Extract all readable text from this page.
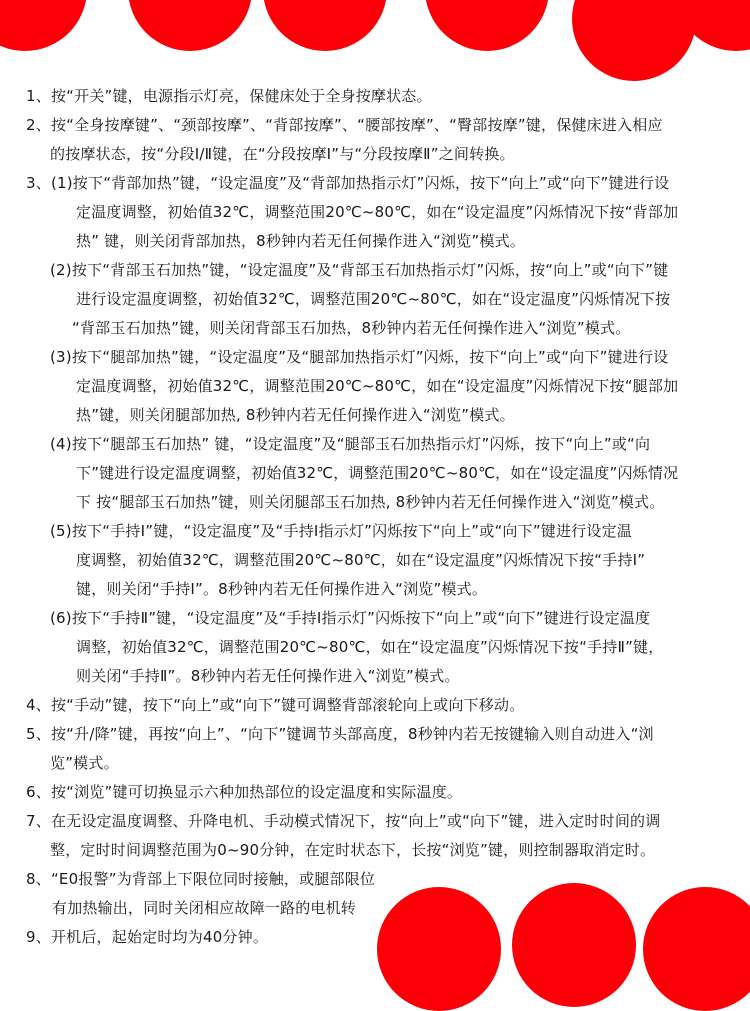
1、按“开关”键，电源指示灯亮，保健床处于全身按摩状态。
2、按“全身按摩键”、“颈部按摩”、“背部按摩”、“腰部按摩”、“臀部按摩”键，保健床进入相应
的按摩状态，按“分段Ⅰ/Ⅱ键，在“分段按摩Ⅰ”与“分段按摩Ⅱ”之间转换。
3、(1)按下“背部加热”键，“设定温度”及“背部加热指示灯”闪烁，按下“向上”或“向下”键进行设
定温度调整，初始值32℃，调整范围20℃~80℃，如在“设定温度”闪烁情况下按“背部加
热” 键，则关闭背部加热，8秒钟内若无任何操作进入“浏览”模式。
(2)按下“背部玉石加热”键，“设定温度”及“背部玉石加热指示灯”闪烁，按“向上”或“向下”键
进行设定温度调整，初始值32℃，调整范围20℃~80℃，如在“设定温度”闪烁情况下按
“背部玉石加热”键，则关闭背部玉石加热，8秒钟内若无任何操作进入“浏览”模式。
(3)按下“腿部加热”键，“设定温度”及“腿部加热指示灯”闪烁，按下“向上”或“向下”键进行设
定温度调整，初始值32℃，调整范围20℃~80℃，如在“设定温度”闪烁情况下按“腿部加
热”键，则关闭腿部加热, 8秒钟内若无任何操作进入“浏览”模式。
(4)按下“腿部玉石加热” 键，“设定温度”及“腿部玉石加热指示灯”闪烁，按下“向上”或“向
下”键进行设定温度调整，初始值32℃，调整范围20℃~80℃，如在“设定温度”闪烁情况
下 按“腿部玉石加热”键，则关闭腿部玉石加热, 8秒钟内若无任何操作进入“浏览”模式。
(5)按下“手持Ⅰ”键，“设定温度”及“手持Ⅰ指示灯”闪烁按下“向上”或“向下”键进行设定温
度调整，初始值32℃，调整范围20℃~80℃，如在“设定温度”闪烁情况下按“手持Ⅰ”
键，则关闭“手持Ⅰ”。8秒钟内若无任何操作进入“浏览”模式。
(6)按下“手持Ⅱ”键，“设定温度”及“手持Ⅰ指示灯”闪烁按下“向上”或“向下”键进行设定温度
调整，初始值32℃，调整范围20℃~80℃，如在“设定温度”闪烁情况下按“手持Ⅱ”键，
则关闭“手持Ⅱ”。8秒钟内若无任何操作进入“浏览”模式。
4、按“手动”键，按下“向上”或“向下”键可调整背部滚轮向上或向下移动。
5、按“升/降”键，再按“向上”、“向下”键调节头部高度，8秒钟内若无按键输入则自动进入“浏
览”模式。
6、按“浏览”键可切换显示六种加热部位的设定温度和实际温度。
7、在无设定温度调整、升降电机、手动模式情况下，按“向上”或“向下”键，进入定时时间的调
整，定时时间调整范围为0~90分钟，在定时状态下，长按“浏览”键，则控制器取消定时。
8、“E0报警”为背部上下限位同时接触，或腿部限位
有加热输出，同时关闭相应故障一路的电机转
9、开机后，起始定时均为40分钟。
